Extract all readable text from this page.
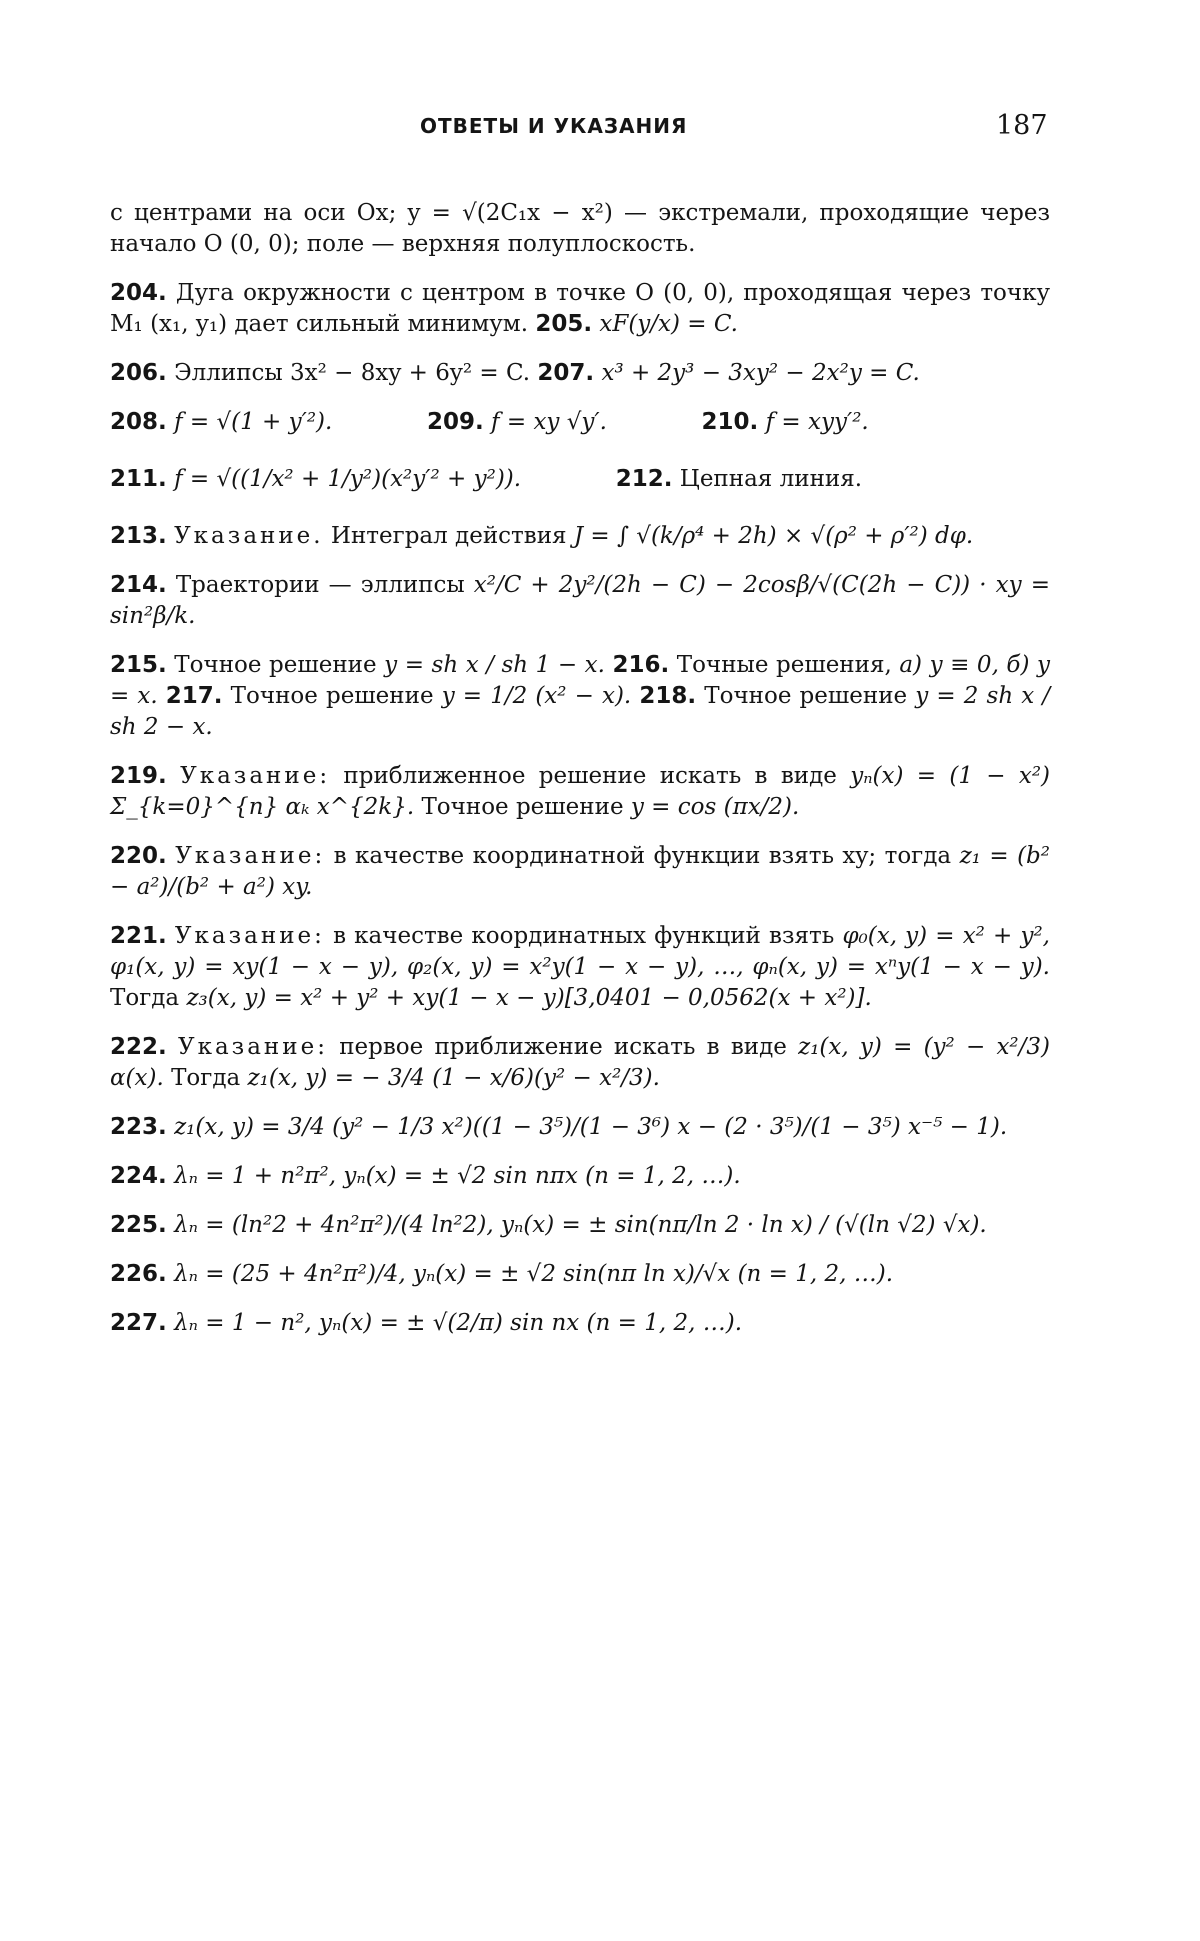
ОТВЕТЫ И УКАЗАНИЯ	187

с центрами на оси Ox; y = √(2C₁x − x²) — экстремали, проходящие через начало O (0, 0); поле — верхняя полуплоскость.

204. Дуга окружности с центром в точке O (0, 0), проходящая через точку M₁ (x₁, y₁) дает сильный минимум. 205. xF(y/x) = C.

206. Эллипсы 3x² − 8xy + 6y² = C. 207. x³ + 2y³ − 3xy² − 2x²y = C.

208. f = √(1 + y′²).	209. f = xy √y′.	210. f = xyy′².
211. f = √((1/x² + 1/y²)(x²y′² + y²)).	212. Цепная линия.

213. Указание. Интеграл действия J = ∫ √(k/ρ⁴ + 2h) × √(ρ² + ρ′²) dφ.

214. Траектории — эллипсы x²/C + 2y²/(2h − C) − 2cosβ/√(C(2h − C)) · xy = sin²β/k.

215. Точное решение y = sh x / sh 1 − x. 216. Точные решения, а) y ≡ 0, б) y = x. 217. Точное решение y = 1/2 (x² − x). 218. Точное решение y = 2 sh x / sh 2 − x.

219. Указание: приближенное решение искать в виде yₙ(x) = (1 − x²) Σ_{k=0}^{n} αₖ x^{2k}. Точное решение y = cos (πx/2).

220. Указание: в качестве координатной функции взять xy; тогда z₁ = (b² − a²)/(b² + a²) xy.

221. Указание: в качестве координатных функций взять φ₀(x, y) = x² + y², φ₁(x, y) = xy(1 − x − y), φ₂(x, y) = x²y(1 − x − y), …, φₙ(x, y) = xⁿy(1 − x − y). Тогда z₃(x, y) = x² + y² + xy(1 − x − y)[3,0401 − 0,0562(x + x²)].

222. Указание: первое приближение искать в виде z₁(x, y) = (y² − x²/3) α(x). Тогда z₁(x, y) = − 3/4 (1 − x/6)(y² − x²/3).

223. z₁(x, y) = 3/4 (y² − 1/3 x²)((1 − 3⁵)/(1 − 3⁶) x − (2 · 3⁵)/(1 − 3⁵) x⁻⁵ − 1).

224. λₙ = 1 + n²π², yₙ(x) = ± √2 sin nπx (n = 1, 2, …).

225. λₙ = (ln²2 + 4n²π²)/(4 ln²2), yₙ(x) = ± sin(nπ/ln 2 · ln x) / (√(ln √2) √x).

226. λₙ = (25 + 4n²π²)/4, yₙ(x) = ± √2 sin(nπ ln x)/√x (n = 1, 2, …).

227. λₙ = 1 − n², yₙ(x) = ± √(2/π) sin nx (n = 1, 2, …).
